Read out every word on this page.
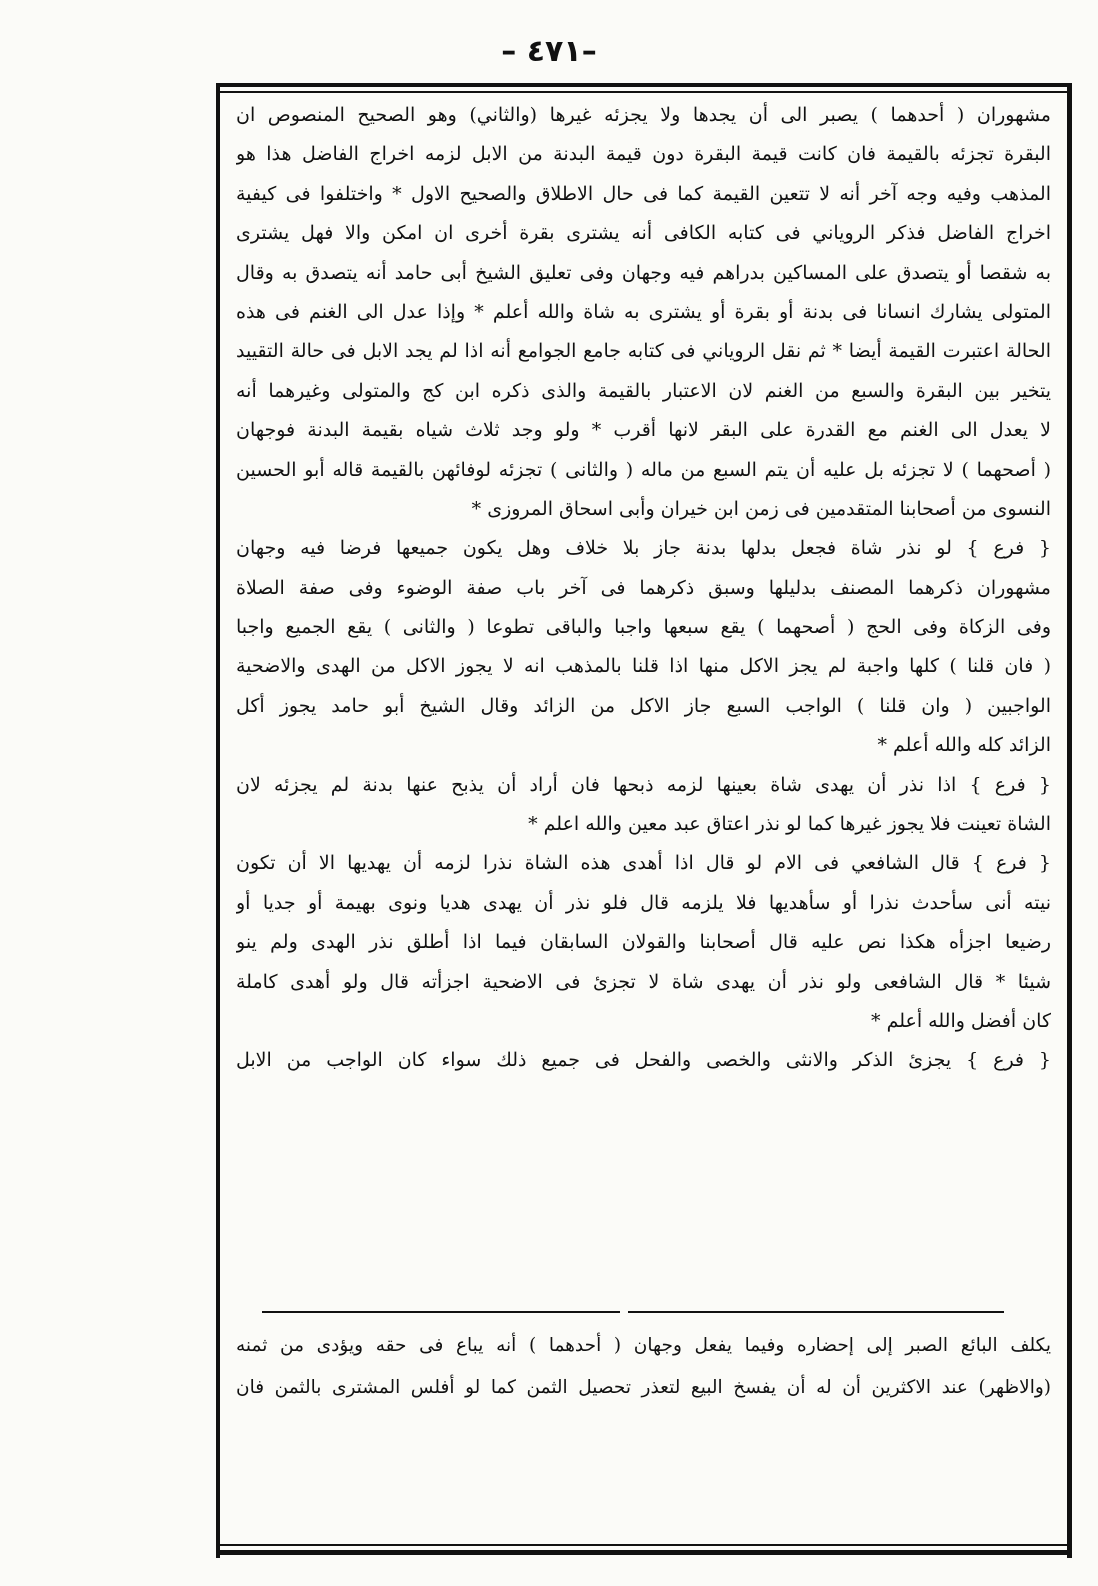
–٤٧١ –
مشهوران ( أحدهما ) يصبر الى أن يجدها ولا يجزئه غيرها (والثاني) وهو الصحيح المنصوص ان
البقرة تجزئه بالقيمة فان كانت قيمة البقرة دون قيمة البدنة من الابل لزمه اخراج الفاضل هذا هو
المذهب وفيه وجه آخر أنه لا تتعين القيمة كما فى حال الاطلاق والصحيح الاول * واختلفوا فى كيفية
اخراج الفاضل فذكر الروياني فى كتابه الكافى أنه يشترى بقرة أخرى ان امكن والا فهل يشترى
به شقصا أو يتصدق على المساكين بدراهم فيه وجهان وفى تعليق الشيخ أبى حامد أنه يتصدق به وقال
المتولى يشارك انسانا فى بدنة أو بقرة أو يشترى به شاة والله أعلم * وإذا عدل الى الغنم فى هذه
الحالة اعتبرت القيمة أيضا * ثم نقل الروياني فى كتابه جامع الجوامع أنه اذا لم يجد الابل فى حالة التقييد
يتخير بين البقرة والسبع من الغنم لان الاعتبار بالقيمة والذى ذكره ابن كج والمتولى وغيرهما أنه
لا يعدل الى الغنم مع القدرة على البقر لانها أقرب * ولو وجد ثلاث شياه بقيمة البدنة فوجهان
( أصحهما ) لا تجزئه بل عليه أن يتم السبع من ماله ( والثانى ) تجزئه لوفائهن بالقيمة قاله أبو الحسين
النسوى من أصحابنا المتقدمين فى زمن ابن خيران وأبى اسحاق المروزى *
{ فرع } لو نذر شاة فجعل بدلها بدنة جاز بلا خلاف وهل يكون جميعها فرضا فيه وجهان
مشهوران ذكرهما المصنف بدليلها وسبق ذكرهما فى آخر باب صفة الوضوء وفى صفة الصلاة
وفى الزكاة وفى الحج ( أصحهما ) يقع سبعها واجبا والباقى تطوعا ( والثانى ) يقع الجميع واجبا
( فان قلنا ) كلها واجبة لم يجز الاكل منها اذا قلنا بالمذهب انه لا يجوز الاكل من الهدى والاضحية
الواجبين ( وان قلنا ) الواجب السبع جاز الاكل من الزائد وقال الشيخ أبو حامد يجوز أكل
الزائد كله والله أعلم *
{ فرع } اذا نذر أن يهدى شاة بعينها لزمه ذبحها فان أراد أن يذبح عنها بدنة لم يجزئه لان
الشاة تعينت فلا يجوز غيرها كما لو نذر اعتاق عبد معين والله اعلم *
{ فرع } قال الشافعي فى الام لو قال اذا أهدى هذه الشاة نذرا لزمه أن يهديها الا أن تكون
نيته أنى سأحدث نذرا أو سأهديها فلا يلزمه قال فلو نذر أن يهدى هديا ونوى بهيمة أو جديا أو
رضيعا اجزأه هكذا نص عليه قال أصحابنا والقولان السابقان فيما اذا أطلق نذر الهدى ولم ينو
شيئا * قال الشافعى ولو نذر أن يهدى شاة لا تجزئ فى الاضحية اجزأته قال ولو أهدى كاملة
كان أفضل والله أعلم *
{ فرع } يجزئ الذكر والانثى والخصى والفحل فى جميع ذلك سواء كان الواجب من الابل
يكلف البائع الصبر إلى إحضاره وفيما يفعل وجهان ( أحدهما ) أنه يباع فى حقه ويؤدى من ثمنه
(والاظهر) عند الاكثرين أن له أن يفسخ البيع لتعذر تحصيل الثمن كما لو أفلس المشترى بالثمن فان
